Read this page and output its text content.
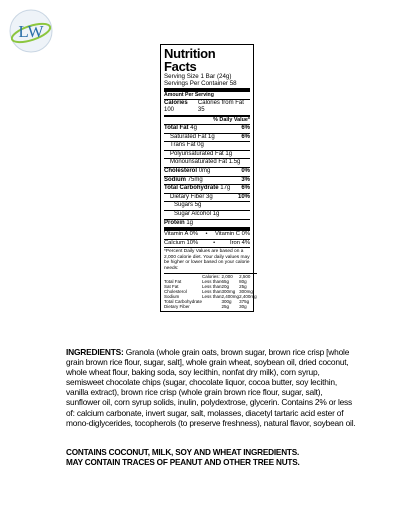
LW
Nutrition Facts
Serving Size 1 Bar (24g)
Servings Per Container 58
Amount Per Serving
Calories 100
Calories from Fat 35
% Daily Value*
Total Fat 4g	6%
Saturated Fat 1g	6%
Trans Fat 0g
Polyunsaturated Fat 1g
Monounsaturated Fat 1.5g
Cholesterol 0mg	0%
Sodium 75mg	3%
Total Carbohydrate 17g 6%
Dietary Fiber 3g	10%
Sugars 5g
Sugar Alcohol 1g
Protein 1g
Vitamin A 0% • Vitamin C 0%
Calcium 10%	•	Iron 4%
*Percent Daily Values are based on a 2,000 calorie diet. Your daily values may be higher or lower based on your calorie needs:
	Calories:	2,000	2,500
Total Fat	Less than	65g	80g
Sat Fat	Less than	20g	25g
Cholesterol	Less than	300mg	300mg
Sodium	Less than	2,400mg	2,400mg
Total Carbohydrate		300g	375g
Dietary Fiber		25g	30g
INGREDIENTS: Granola (whole grain oats, brown sugar, brown rice crisp [whole grain brown rice flour, sugar, salt], whole grain wheat, soybean oil, dried coconut, whole wheat flour, baking soda, soy lecithin, nonfat dry milk), corn syrup, semisweet chocolate chips (sugar, chocolate liquor, cocoa butter, soy lecithin, vanilla extract), brown rice crisp (whole grain brown rice flour, sugar, salt), sunflower oil, corn syrup solids, inulin, polydextrose, glycerin. Contains 2% or less of: calcium carbonate, invert sugar, salt, molasses, diacetyl tartaric acid ester of mono-diglycerides, tocopherols (to preserve freshness), natural flavor, soybean oil.
CONTAINS COCONUT, MILK, SOY AND WHEAT INGREDIENTS.
MAY CONTAIN TRACES OF PEANUT AND OTHER TREE NUTS.
